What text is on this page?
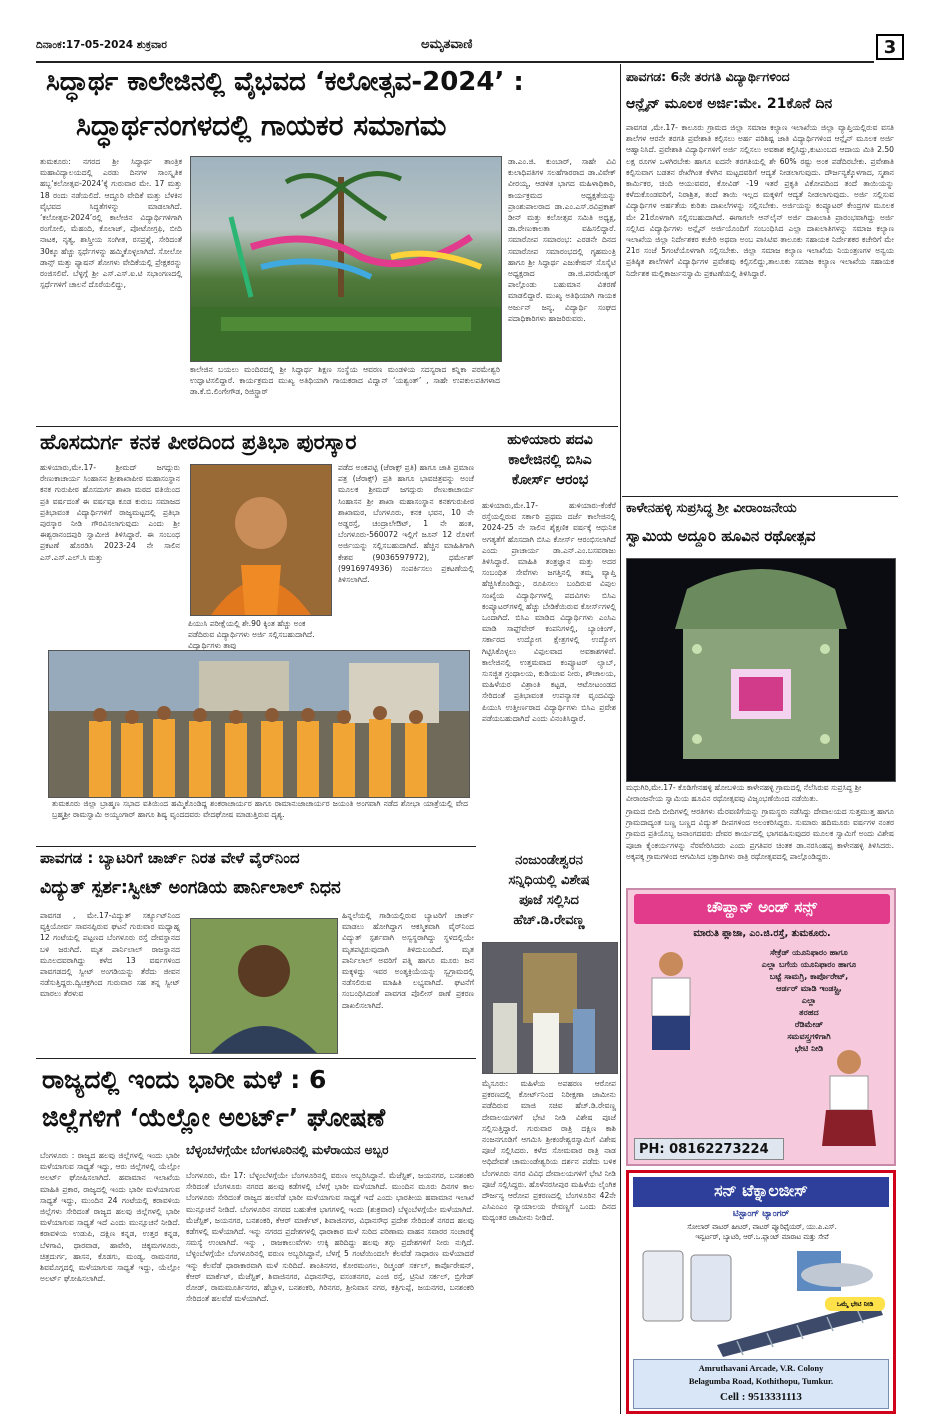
ದಿನಾಂಕ:17-05-2024 ಶುಕ್ರವಾರ	ಅಮೃತವಾಣಿ	3
ಸಿದ್ಧಾರ್ಥ ಕಾಲೇಜಿನಲ್ಲಿ ವೈಭವದ ‘ಕಲೋತ್ಸವ-2024’ :
ಸಿದ್ಧಾರ್ಥನಂಗಳದಲ್ಲಿ ಗಾಯಕರ ಸಮಾಗಮ
ತುಮಕೂರು: ನಗರದ ಶ್ರೀ ಸಿದ್ಧಾರ್ಥ ತಾಂತ್ರಿಕ ಮಹಾವಿದ್ಯಾಲಯದಲ್ಲಿ ಎರಡು ದಿನಗಳ ಸಾಂಸ್ಕೃತಿಕ ಹಬ್ಬ‘ಕಲೋತ್ಸವ-2024’ಕ್ಕೆ ಗುರುವಾರ ಮೇ. 17 ಮತ್ತು 18 ರಂದು ನಡೆಯಲಿದೆ. ಆದ್ದೂರಿ ವೇದಿಕೆ ಮತ್ತು ಬೆಳಕಿನ ವೈಭವದ ಸಿದ್ಧತೆಗಳನ್ನು ಮಾಡಲಾಗಿದೆ. ‘ಕಲೋತ್ಸವ-2024’ರಲ್ಲಿ ಕಾಲೇಜಿನ ವಿದ್ಯಾರ್ಥಿಗಳಿಗಾಗಿ ರಂಗೋಲಿ, ಮೆಹಂದಿ, ಕೊಲಾಜ್, ಪೋಟೋಗ್ರಫಿ, ಬೀದಿ ನಾಟಕ, ನೃತ್ಯ, ಶಾಸ್ತ್ರೀಯ ಸಂಗೀತ, ರಸಪ್ರಶ್ನೆ, ಸೇರಿದಂತೆ 30ಕ್ಕೂ ಹೆಚ್ಚು ಸ್ಪರ್ಧೆಗಳನ್ನು ಹಮ್ಮಿಕೊಳ್ಳಲಾಗಿದೆ. ಸೋಲೋ ಡಾನ್ಸ್ ಮತ್ತು ಫ್ಯಾಷನ್ ಶೋಗಳು ವೇದಿಕೆಯಲ್ಲಿ ಪ್ರೇಕ್ಷಕರನ್ನು ರಂಜಿಸಲಿವೆ. ಬೆಳ್ಳಗ್ಗೆ ಶ್ರೀ ಎಸ್.ಎಸ್.ಐ.ಟಿ ಸಭಾಂಗಣದಲ್ಲಿ ಸ್ಪರ್ಧೆಗಳಿಗೆ ಚಾಲನೆ ದೊರೆಯಲಿದ್ದು,
ಡಾ.ಎಂ.ಜಿ. ಕುಂಬಾರ್, ಸಾಹೇ ವಿವಿ ಕುಲಾಧಿಪತಿಗಳ ಸಲಹೆಗಾರರಾದ ಡಾ.ವಿವೇಕ್ ವೀರಯ್ಯ, ಆಡಳಿತ ಭಾಗದ ಮಹಿಳಾಧಿಕಾರಿ, ಕಾರ್ಯಕ್ರಮದ ಅಧ್ಯಕ್ಷತೆಯನ್ನು ಪ್ರಾಂಶುಪಾಲರಾದ ಡಾ.ಎಂ.ಎಸ್.ರವಿಪ್ರಕಾಶ್ ಡೀನ್ ಮತ್ತು ಕಲೋತ್ಸವ ಸಮಿತಿ ಅಧ್ಯಕ್ಷ, ಡಾ.ರೇಣುಕಾಲತಾ ವಹಿಸಲಿದ್ದಾರೆ. ಸಮಾರೋಪ ಸಮಾರಂಭ: ಎರಡನೇ ದಿನದ ಸಮಾರೋಪ ಸಮಾರಂಭದಲ್ಲಿ ಗೃಹಮಂತ್ರಿ ಹಾಗೂ ಶ್ರೀ ಸಿದ್ಧಾರ್ಥ ಎಜುಕೇಷನ್ ಸೊಸೈಟಿ ಅಧ್ಯಕ್ಷರಾದ ಡಾ.ಜಿ.ಪರಮೇಶ್ವರ್ ಪಾಲ್ಗೊಂಡು ಬಹುಮಾನ ವಿತರಣೆ ಮಾಡಲಿದ್ದಾರೆ. ಮುಖ್ಯ ಅತಿಥಿಯಾಗಿ ಗಾಯಕ ಅರ್ಜುನ್ ಜನ್ಯ, ವಿದ್ಯಾರ್ಥಿ ಸಂಘದ ಪದಾಧಿಕಾರಿಗಳು ಹಾಜರಿರುವರು.
ಕಾಲೇಜಿನ ಬಯಲು ಮಂದಿರದಲ್ಲಿ ಶ್ರೀ ಸಿದ್ಧಾರ್ಥ ಶಿಕ್ಷಣ ಸಂಸ್ಥೆಯ ಆವರಣ ಮಂಡಳಿಯ ಸದಸ್ಯರಾದ ಕನ್ನಿಕಾ ಪರಮೇಶ್ವರಿ ಉದ್ಘಾಟಿಸಲಿದ್ದಾರೆ. ಕಾರ್ಯಕ್ರಮದ ಮುಖ್ಯ ಅತಿಥಿಯಾಗಿ ಗಾಯಕರಾದ ವಿದ್ವಾನ್ ‘ಯಶ್ವಂತ್’ , ಸಾಹೇ ಉಪಕುಲಪತಿಗಳಾದ ಡಾ.ಕೆ.ಬಿ.ಲಿಂಗೇಗೌಡ, ರಿಜಿಸ್ಟ್ರಾರ್
ಹೊಸದುರ್ಗ ಕನಕ ಪೀಠದಿಂದ ಪ್ರತಿಭಾ ಪುರಸ್ಕಾರ
ಹುಳಿಯಾರು,ಮೇ.17- ಶ್ರೀಮದ್ ಜಗದ್ಗುರು ರೇಣುಕಾಚಾರ್ಯ ಸಿಂಹಾಸನ ಶ್ರೀಶಾಖಾಪೀಠ ಮಹಾಸಂಸ್ಥಾನ ಕನಕ ಗುರುಪೀಠ ಹೊಸದುರ್ಗ ಶಾಖಾ ಮಠದ ವತಿಯಿಂದ ಪ್ರತಿ ವರ್ಷದಂತೆ ಈ ವರ್ಷವೂ ಕೂಡ ಕುರುಬ ಸಮಾಜದ ಪ್ರತಿಭಾವಂತ ವಿದ್ಯಾರ್ಥಿಗಳಿಗೆ ರಾಜ್ಯಮಟ್ಟದಲ್ಲಿ ಪ್ರತಿಭಾ ಪುರಸ್ಕಾರ ನೀಡಿ ಗೌರವಿಸಲಾಗುವುದು ಎಂದು ಶ್ರೀ ಈಶ್ವರಾನಂದಪುರಿ ಸ್ವಾಮೀಜಿ ತಿಳಿಸಿದ್ದಾರೆ. ಈ ಸಂಬಂಧ ಪ್ರಕಟಣೆ ಹೊರಡಿಸಿ 2023-24 ನೇ ಸಾಲಿನ ಎಸ್.ಎಸ್.ಎಲ್.ಸಿ ಮತ್ತು
ಪಿಯುಸಿ ಪರೀಕ್ಷೆಯಲ್ಲಿ ಶೇ.90 ಕ್ಕಿಂತ ಹೆಚ್ಚು ಅಂಕ ಪಡೆದಿರುವ ವಿದ್ಯಾರ್ಥಿಗಳು ಅರ್ಜಿ ಸಲ್ಲಿಸಬಹುದಾಗಿದೆ. ವಿದ್ಯಾರ್ಥಿಗಳು ತಾವು
ಪಡೆದ ಅಂಕಪಟ್ಟಿ (ಜೆರಾಕ್ಸ್ ಪ್ರತಿ) ಹಾಗೂ ಜಾತಿ ಪ್ರಮಾಣ ಪತ್ರ (ಜೆರಾಕ್ಸ್) ಪ್ರತಿ ಹಾಗೂ ಭಾವಚಿತ್ರವನ್ನು ಅಂಚೆ ಮೂಲಕ ಶ್ರೀಮದ್ ಜಗದ್ಗುರು ರೇಣುಕಾಚಾರ್ಯ ಸಿಂಹಾಸನ ಶ್ರೀ ಶಾಖಾ ಮಹಾಸಂಸ್ಥಾನ ಕನಕಗುರುಪೀಠ ಶಾಖಾಮಠ, ಬೆಂಗಳೂರು, ಕನಕ ಭವನ, 10 ನೇ ಅಡ್ಡರಸ್ತೆ, ಚಂದ್ರಾಲೇಔಟ್, 1 ನೇ ಹಂತ, ಬೆಂಗಳೂರು-560072 ಇಲ್ಲಿಗೆ ಜೂನ್ 12 ರೊಳಗೆ ಅರ್ಜಿಯನ್ನು ಸಲ್ಲಿಸಬಹುದಾಗಿದೆ. ಹೆಚ್ಚಿನ ಮಾಹಿತಿಗಾಗಿ ಕೇಶವ (9036597972), ಧರ್ಮೇಶ್ (9916974936) ಸಂಪರ್ಕಿಸಲು ಪ್ರಕಟಣೆಯಲ್ಲಿ ತಿಳಿಸಲಾಗಿದೆ.
ಹುಳಿಯಾರು ಪದವಿ
ಕಾಲೇಜಿನಲ್ಲಿ ಬಿಸಿಎ
ಕೋರ್ಸ್ ಆರಂಭ
ಹುಳಿಯಾರು,ಮೇ.17- ಹುಳಿಯಾರು-ಕೆಂಕೆರೆ ರಸ್ತೆಯಲ್ಲಿರುವ ಸರ್ಕಾರಿ ಪ್ರಥಮ ದರ್ಜೆ ಕಾಲೇಜಿನಲ್ಲಿ 2024-25 ನೇ ಸಾಲಿನ ಶೈಕ್ಷಣಿಕ ವರ್ಷಕ್ಕೆ ಆಧುನಿಕ ಅಗತ್ಯತೆಗೆ ಹೊಸದಾಗಿ ಬಿಸಿಎ ಕೋರ್ಸ್ ಆರಂಭಿಸಲಾಗಿದೆ ಎಂದು ಪ್ರಾಚಾರ್ಯ ಡಾ.ಎನ್.ಎಂ.ಬಸವರಾಜು ತಿಳಿಸಿದ್ದಾರೆ. ಮಾಹಿತಿ ತಂತ್ರಜ್ಞಾನ ಮತ್ತು ಅದರ ಸಂಬಂಧಿತ ಸೇವೆಗಳು ಜಗತ್ತಿನಲ್ಲಿ ತಮ್ಮ ವ್ಯಾಪ್ತಿ ಹೆಚ್ಚಿಸಿಕೊಂಡಿದ್ದು, ರೂಪಿಸಲು ಬಂದಿರುವ ವಿಪುಲ ಸಂಖ್ಯೆಯ ವಿದ್ಯಾರ್ಥಿಗಳಲ್ಲಿ ಪದವಿಗಳು ಬಿಸಿಎ ಕಂಪ್ಯೂಟರ್‌ಗಳಲ್ಲಿ ಹೆಚ್ಚು ಬೇಡಿಕೆಯಿರುವ ಕೋರ್ಸ್‌ಗಳಲ್ಲಿ ಒಂದಾಗಿದೆ. ಬಿಸಿಎ ಮಾಡಿದ ವಿದ್ಯಾರ್ಥಿಗಳು ಎಂಸಿಎ ಮಾಡಿ ಸಾಫ್ಟ್‌ವೇರ್ ಕಂಪನಿಗಳಲ್ಲಿ, ಬ್ಯಾಂಕಿಂಗ್, ಸರ್ಕಾರದ ಉದ್ಯೋಗ ಕ್ಷೇತ್ರಗಳಲ್ಲಿ ಉದ್ಯೋಗ ಗಿಟ್ಟಿಸಿಕೊಳ್ಳಲು ವಿಫುಲವಾದ ಅವಕಾಶಗಳಿವೆ. ಕಾಲೇಜಿನಲ್ಲಿ ಉತ್ತಮವಾದ ಕಂಪ್ಯೂಟರ್ ಲ್ಯಾಬ್, ಸುಸಜ್ಜಿತ ಗ್ರಂಥಾಲಯ, ಕುಡಿಯುವ ನೀರು, ಶೌಚಾಲಯ, ಮಹಿಳೆಯರ ವಿಶ್ರಾಂತಿ ಕಟ್ಟಡ, ಆಟೋಟಂಂಡದ ಸೇರಿದಂತೆ ಪ್ರತಿಭಾವಂತ ಉಪನ್ಯಾಸಕ ವೃಂದವಿದ್ದು ಪಿಯುಸಿ ಉತ್ತೀರ್ಣರಾದ ವಿದ್ಯಾರ್ಥಿಗಳು ಬಿಸಿಎ ಪ್ರವೇಶ ಪಡೆಯಬಹುದಾಗಿದೆ ಎಂದು ವಿನಂತಿಸಿದ್ದಾರೆ.
ತುಮಕೂರು ಜಿಲ್ಲಾ ಬ್ರಾಹ್ಮಣ ಸಭಾದ ವತಿಯಿಂದ ಹಮ್ಮಿಕೊಂಡಿದ್ದ ಶಂಕರಾಚಾರ್ಯರ ಹಾಗೂ ರಾಮಾನುಜಾಚಾರ್ಯರ ಜಯಂತಿ ಅಂಗವಾಗಿ ನಡೆದ ಶೋಭಾ ಯಾತ್ರೆಯಲ್ಲಿ ವೇದ ಬ್ರಹ್ಮಶ್ರೀ ರಾಮಸ್ವಾಮಿ ಅಯ್ಯಂಗಾರ್ ಹಾಗೂ ಶಿಷ್ಯ ವೃಂದದವರು ವೇದಘೋಷ ಮಾಡುತ್ತಿರುವ ದೃಶ್ಯ.
ಪಾವಗಡ : ಬ್ಯಾಟರಿಗೆ ಚಾರ್ಜ್ ನಿರತ ವೇಳೆ ವೈರ್‌ನಿಂದ
ವಿದ್ಯುತ್ ಸ್ಪರ್ಶ:ಸ್ವೀಟ್ ಅಂಗಡಿಯ ಪಾರ್ನಿಲಾಲ್ ನಿಧನ
ಪಾವಗಡ , ಮೇ.17-ವಿದ್ಯುತ್ ಸರ್ಕ್ಯೂಟ್‌ನಿಂದ ವ್ಯಕ್ತಿಯೋರ್ವ ಸಾವನಪ್ಪಿರುವ ಘಟನೆ ಗುರುವಾರ ಮಧ್ಯಾಹ್ನ 12 ಗಂಟೆಯಲ್ಲಿ ಪಟ್ಟಣದ ಬೆಂಗಳೂರು ರಸ್ತೆ ದೇವಸ್ಥಾನದ ಬಳಿ ಜರುಗಿದೆ. ಮೃತ ಪಾರ್ನಿಲಾಲ್ ರಾಜಸ್ಥಾನದ ಮೂಲದವರಾಗಿದ್ದು ಕಳೆದ 13 ವರ್ಷಗಳಿಂದ ಪಾವಗಡದಲ್ಲಿ ಸ್ವೀಟ್ ಅಂಗಡಿಯನ್ನು ತೆರೆದು ಜೀವನ ನಡೆಸುತ್ತಿದ್ದರು.ದ್ವಿಚಕ್ರಗಿಂದ ಗುರುವಾರ ಸಹ ತನ್ನ ಸ್ವೀಟ್ ಮಾರಲು ತೆರಳುವ
ಹಿನ್ನಲೆಯಲ್ಲಿ ಗಾಡಿಯಲ್ಲಿರುವ ಬ್ಯಾಟರಿಗೆ ಚಾರ್ಜ್ ಮಾಡಲು ಹೋಗಿದ್ದಾಗ ಆಕಸ್ಮಿಕವಾಗಿ ವೈರ್‌ನಿಂದ ವಿದ್ಯುತ್ ಸ್ಪರ್ಶವಾಗಿ ಅಸ್ವಸ್ಥರಾಗಿದ್ದು ಸ್ಥಳದಲ್ಲಿಯೇ ಮೃತಪಟ್ಟಿರುವುದಾಗಿ ತಿಳಿದುಬಂದಿದೆ. ಮೃತ ಪಾರ್ನಿಲಾಲ್ ಅವರಿಗೆ ಪತ್ನಿ ಹಾಗೂ ಮೂರು ಜನ ಮಕ್ಕಳಿದ್ದು ಇವರ ಅಂತ್ಯಕ್ರಿಯೆಯನ್ನು ಸ್ವಗ್ರಾಮದಲ್ಲಿ ನಡೆಸಲಿರುವ ಮಾಹಿತಿ ಲಭ್ಯವಾಗಿದೆ. ಘಟನೆಗೆ ಸಂಬಂಧಿಸಿದಂತೆ ಪಾವಗಡ ಪೊಲೀಸ್ ಠಾಣೆ ಪ್ರಕರಣ ದಾಖಲಿಸಲಾಗಿದೆ.
ನಂಜುಂಡೇಶ್ವರನ
ಸನ್ನಿಧಿಯಲ್ಲಿ ವಿಶೇಷ
ಪೂಜೆ ಸಲ್ಲಿಸಿದ
ಹೆಚ್.ಡಿ.ರೇವಣ್ಣ
ಮೈಸೂರು: ಮಹಿಳೆಯ ಅಪಹರಣ ಆರೋಪ ಪ್ರಕರಣದಲ್ಲಿ ಕೋರ್ಟ್‌ನಿಂದ ನಿರೀಕ್ಷಣಾ ಜಾಮೀನು ಪಡೆದಿರುವ ಮಾಜಿ ಸಚಿವ ಹೆಚ್.ಡಿ.ರೇವಣ್ಣ ದೇವಾಲಯಗಳಿಗೆ ಭೇಟಿ ನೀಡಿ ವಿಶೇಷ ಪೂಜೆ ಸಲ್ಲಿಸುತ್ತಿದ್ದಾರೆ. ಗುರುವಾರ ರಾತ್ರಿ ದಕ್ಷಿಣ ಕಾಶಿ ನಂಜನಗೂಡಿಗೆ ಆಗಮಿಸಿ ಶ್ರೀಕಂಠೇಶ್ವರಸ್ವಾಮಿಗೆ ವಿಶೇಷ ಪೂಜೆ ಸಲ್ಲಿಸಿದರು. ಕಳೆದ ಸೋಮವಾರ ರಾತ್ರಿ ನಾಡ ಅಧಿದೇವತೆ ಚಾಮುಂಡೇಶ್ವರಿಯ ದರ್ಶನ ಪಡೆದು ಬಳಿಕ ಬೆಂಗಳೂರು ನಗರ ವಿವಿಧ ದೇವಾಲಯಗಳಿಗೆ ಭೇಟಿ ನೀಡಿ ಪೂಜೆ ಸಲ್ಲಿಸಿದ್ದರು. ಹೊಳೆನರಸೀಪುರ ಮಹಿಳೆಯ ಲೈಂಗಿಕ ದೌರ್ಜನ್ಯ ಆರೋಪ ಪ್ರಕರಣದಲ್ಲಿ ಬೆಂಗಳೂರಿನ 42ನೇ ಎಸಿಎಂಎಂ ನ್ಯಾಯಾಲಯ ರೇವಣ್ಣಗೆ ಒಂದು ದಿನದ ಮಧ್ಯಂತರ ಜಾಮೀನು ನೀಡಿದೆ.
ರಾಜ್ಯದಲ್ಲಿ ಇಂದು ಭಾರೀ ಮಳೆ : 6
ಜಿಲ್ಲೆಗಳಿಗೆ ‘ಯೆಲ್ಲೋ ಅಲರ್ಟ್’ ಘೋಷಣೆ
ಬೆಂಗಳೂರು : ರಾಜ್ಯದ ಹಲವು ಜಿಲ್ಲೆಗಳಲ್ಲಿ ಇಂದು ಭಾರೀ ಮಳೆಯಾಗುವ ಸಾಧ್ಯತೆ ಇದ್ದು, ಆರು ಜಿಲ್ಲೆಗಳಲ್ಲಿ ಯೆಲ್ಲೋ ಅಲರ್ಟ್ ಘೋಷಿಸಲಾಗಿದೆ. ಹವಾಮಾನ ಇಲಾಖೆಯ ಮಾಹಿತಿ ಪ್ರಕಾರ, ರಾಜ್ಯದಲ್ಲಿ ಇಂದು ಭಾರೀ ಮಳೆಯಾಗುವ ಸಾಧ್ಯತೆ ಇದ್ದು, ಮುಂದಿನ 24 ಗಂಟೆಯಲ್ಲಿ ಕರಾವಳಿಯ ಜಿಲ್ಲೆಗಳು ಸೇರಿದಂತೆ ರಾಜ್ಯದ ಹಲವು ಜಿಲ್ಲೆಗಳಲ್ಲಿ ಭಾರೀ ಮಳೆಯಾಗುವ ಸಾಧ್ಯತೆ ಇದೆ ಎಂದು ಮುನ್ಸೂಚನೆ ನೀಡಿದೆ. ಕರಾವಳಿಯ ಉಡುಪಿ, ದಕ್ಷಿಣ ಕನ್ನಡ, ಉತ್ತರ ಕನ್ನಡ, ಬೆಳಗಾವಿ, ಧಾರವಾಡ, ಹಾವೇರಿ, ಚಿಕ್ಕಮಗಳೂರು, ಚಿತ್ರದುರ್ಗ, ಹಾಸನ, ಕೊಡಗು, ಮಂಡ್ಯ, ರಾಮನಗರ, ಶಿವಮೊಗ್ಗದಲ್ಲಿ ಮಳೆಯಾಗುವ ಸಾಧ್ಯತೆ ಇದ್ದು, ಯೆಲ್ಲೋ ಅಲರ್ಟ್ ಘೋಷಿಸಲಾಗಿದೆ.
ಬೆಳ್ಳಂಬೆಳಗ್ಗೆಯೇ ಬೆಂಗಳೂರಿನಲ್ಲಿ ಮಳೆರಾಯನ ಅಬ್ಬರ
ಬೆಂಗಳೂರು, ಮೇ 17: ಬೆಳ್ಳಂಬೆಳಗ್ಗೆಯೇ ಬೆಂಗಳೂರಿನಲ್ಲಿ ವರುಣ ಅಬ್ಬರಿಸಿದ್ದಾನೆ. ಮೆಜೆಸ್ಟಿಕ್, ಜಯನಗರ, ಬನಶಂಕರಿ ಸೇರಿದಂತೆ ಬೆಂಗಳೂರು ನಗರದ ಹಲವು ಕಡೆಗಳಲ್ಲಿ ಬೆಳಗ್ಗೆ ಭಾರೀ ಮಳೆಯಾಗಿದೆ. ಮುಂದಿನ ಮೂರು ದಿನಗಳ ಕಾಲ ಬೆಂಗಳೂರು ಸೇರಿದಂತೆ ರಾಜ್ಯದ ಹಲವೆಡೆ ಭಾರೀ ಮಳೆಯಾಗುವ ಸಾಧ್ಯತೆ ಇದೆ ಎಂದು ಭಾರತೀಯ ಹವಾಮಾನ ಇಲಾಖೆ ಮುನ್ಸೂಚನೆ ನೀಡಿದೆ. ಬೆಂಗಳೂರಿನ ನಗರದ ಬಹುತೇಕ ಭಾಗಗಳಲ್ಲಿ ಇಂದು (ಶುಕ್ರವಾರ) ಬೆಳ್ಳಂಬೆಳಗ್ಗೆಯೇ ಮಳೆಯಾಗಿದೆ. ಮೆಜೆಸ್ಟಿಕ್, ಜಯನಗರ, ಬನಶಂಕರಿ, ಕೆಆರ್ ಮಾರ್ಕೆಟ್, ಶಿವಾಜಿನಗರ, ವಿಧಾನಸೌಧ ಪ್ರದೇಶ ಸೇರಿದಂತೆ ನಗರದ ಹಲವು ಕಡೆಗಳಲ್ಲಿ ಮಳೆಯಾಗಿದೆ. ಇನ್ನು ನಗರದ ಪ್ರದೇಶಗಳಲ್ಲಿ ಧಾರಾಕಾರ ಮಳೆ ಸುರಿದ ಪರಿಣಾಮ ವಾಹನ ಸವಾರರ ಸಂಚಾರಕ್ಕೆ ಸಮಸ್ಯೆ ಉಂಟಾಗಿದೆ. ಇನ್ನು , ರಾಜಕಾಲುವೆಗಳು ಉಕ್ಕಿ ಹರಿದಿದ್ದು ಹಲವು ತಗ್ಗು ಪ್ರದೇಶಗಳಿಗೆ ನೀರು ನುಗ್ಗಿದೆ. ಬೆಳ್ಳಂಬೆಳಗ್ಗೆಯೇ ಬೆಂಗಳೂರಿನಲ್ಲಿ ವರುಣ ಅಬ್ಬರಿಸಿದ್ದಾನೆ, ಬೆಳಗ್ಗೆ 5 ಗಂಟೆಯಿಂದಲೇ ಕೆಲವೆಡೆ ಸಾಧಾರಣ ಮಳೆಯಾದರೆ ಇನ್ನು ಕೆಲವೆಡೆ ಧಾರಾಕಾರವಾಗಿ ಮಳೆ ಸುರಿದಿದೆ. ಶಾಂತಿನಗರ, ಕೋರಮಂಗಲ, ರಿಚ್ಮಂಡ್ ಸರ್ಕಲ್, ಕಾರ್ಪೊರೇಷನ್, ಕೆಆರ್ ಮಾರ್ಕೆಟ್, ಮೆಜೆಸ್ಟಿಕ್, ಶಿವಾಜಿನಗರ, ವಿಧಾನಸೌಧ, ವಸಂತನಗರ, ಎಂಜಿ ರಸ್ತೆ, ಟ್ರಿನಿಟಿ ಸರ್ಕಲ್, ಬ್ರಿಗೇಡ್ ರೋಡ್, ರಾಮಮೂರ್ತಿನಗರ, ಹೆಬ್ಬಾಳ, ಬನಶಂಕರಿ, ಗಿರಿನಗರ, ಶ್ರೀನಿವಾಸ ನಗರ, ಕತ್ರಿಗುಪ್ಪೆ, ಜಯನಗರ, ಬನಶಂಕರಿ ಸೇರಿದಂತೆ ಹಲವೆಡೆ ಮಳೆಯಾಗಿದೆ.
ಪಾವಗಡ: 6ನೇ ತರಗತಿ ವಿದ್ಯಾರ್ಥಿಗಳಿಂದ
ಆನ್ಲೈನ್ ಮೂಲಕ ಅರ್ಜಿ:ಮೇ. 21ಕೊನೆ ದಿನ
ಪಾವಗಡ ,ಮೇ.17- ಕಾಲೂರು ಗ್ರಾಮದ ಜಿಲ್ಲಾ ಸಮಾಜ ಕಲ್ಯಾಣ ಇಲಾಖೆಯ ಜಿಲ್ಲಾ ವ್ಯಾಪ್ತಿಯಲ್ಲಿರುವ ವಸತಿ ಶಾಲೆಗಳ ಆರನೇ ತರಗತಿ ಪ್ರವೇಶಾತಿ ಕಲ್ಪಿಸಲು ಅರ್ಹ ಪರಿಶಿಷ್ಟ ಜಾತಿ ವಿದ್ಯಾರ್ಥಿಗಳಿಂದ ಆನ್ಲೈನ್ ಮೂಲಕ ಅರ್ಜಿ ಆಹ್ವಾನಿಸಿದೆ. ಪ್ರವೇಶಾತಿ ವಿದ್ಯಾರ್ಥಿಗಳಿಗೆ ಅರ್ಜಿ ಸಲ್ಲಿಸಲು ಅವಕಾಶ ಕಲ್ಪಿಸಿದ್ದು,ಕುಟುಂಬದ ಆದಾಯ ಮಿತಿ 2.50 ಲಕ್ಷ ರೂಗಳ ಒಳಗಿರಬೇಕು ಹಾಗೂ ಐದನೇ ತರಗತಿಯಲ್ಲಿ ಶೇ 60% ರಷ್ಟು ಅಂಕ ಪಡೆದಿರಬೇಕು. ಪ್ರವೇಶಾತಿ ಕಲ್ಪಿಸುವಾಗ ಬಡತನ ರೇಖೆಗಿಂತ ಕೆಳಗಿನ ಮಟ್ಟದವರಿಗೆ ಆದ್ಯತೆ ನೀಡಲಾಗುವುದು. ದೌರ್ಜನ್ಯಕ್ಕೊಳಗಾದ, ಸ್ಮಶಾನ ಕಾರ್ಮಿಕರ, ಚಿಂದಿ ಆಯುವವರ, ಕೋವಿಡ್ -19 ಇತರೆ ಪ್ರಕೃತಿ ವಿಕೋಪದಿಂದ ತಂದೆ ತಾಯಿಯನ್ನು ಕಳೆದುಕೊಂಡವರಿಗೆ, ನಿರಾಶ್ರಿತ, ತಂದೆ ತಾಯಿ ಇಲ್ಲದ ಮಕ್ಕಳಿಗೆ ಆದ್ಯತೆ ನೀಡಲಾಗುವುದು. ಅರ್ಜಿ ಸಲ್ಲಿಸುವ ವಿದ್ಯಾರ್ಥಿಗಳ ಅರ್ಹತೆಯ ಕುರಿತು ದಾಖಲೆಗಳನ್ನು ಸಲ್ಲಿಸಬೇಕು. ಅರ್ಜಿಯನ್ನು ಕಂಪ್ಯೂಟರ್ ಕೇಂದ್ರಗಳ ಮೂಲಕ ಮೇ 21ರೊಳಗಾಗಿ ಸಲ್ಲಿಸಬಹುದಾಗಿದೆ. ಈಗಾಗಲೇ ಆನ್‌ಲೈನ್ ಅರ್ಜಿ ದಾಖಲಾತಿ ಪ್ರಾರಂಭವಾಗಿದ್ದು ಅರ್ಜಿ ಸಲ್ಲಿಸಿದ ವಿದ್ಯಾರ್ಥಿಗಳು ಅನ್ಲೈನ್ ಅರ್ಜಿಯೊಂದಿಗೆ ಸಂಬಂಧಿಸಿದ ಎಲ್ಲಾ ದಾಖಲಾತಿಗಳನ್ನು ಸಮಾಜ ಕಲ್ಯಾಣ ಇಲಾಖೆಯ ಜಿಲ್ಲಾ ನಿರ್ದೇಶಕರ ಕಚೇರಿ ಅಥವಾ ಅಂಬ ಪಾಸಿಟಿವ ತಾಲೂಕು ಸಹಾಯಕ ನಿರ್ದೇಶಕರ ಕಚೇರಿಗೆ ಮೇ 21ರ ಸಂಜೆ 5ಗಂಟೆಯೊಳಗಾಗಿ ಸಲ್ಲಿಸಬೇಕು. ಜಿಲ್ಲಾ ಸಮಾಜ ಕಲ್ಯಾಣ ಇಲಾಖೆಯ ನಿಯಂತ್ರಣಗಳ ಅನ್ವಯ ಪ್ರತಿಷ್ಠಿತ ಶಾಲೆಗಳಿಗೆ ವಿದ್ಯಾರ್ಥಿಗಳ ಪ್ರವೇಶವು ಕಲ್ಪಿಸಲಿದ್ದು,ತಾಲೂಕು ಸಮಾಜ ಕಲ್ಯಾಣ ಇಲಾಖೆಯ ಸಹಾಯಕ ನಿರ್ದೇಶಕ ಮಲ್ಲಿಕಾರ್ಜುನಸ್ವಾಮಿ ಪ್ರಕಟಣೆಯಲ್ಲಿ ತಿಳಿಸಿದ್ದಾರೆ.
ಕಾಳೇನಹಳ್ಳಿ ಸುಪ್ರಸಿದ್ಧ ಶ್ರೀ ವೀರಾಂಜನೇಯ
ಸ್ವಾಮಿಯ ಅದ್ದೂರಿ ಹೂವಿನ ರಥೋತ್ಸವ
ಮಧುಗಿರಿ,ಮೇ.17- ಕೊಡಿಗೇನಹಳ್ಳಿ ಹೋಬಳಿಯ ಕಾಳೇನಹಳ್ಳಿ ಗ್ರಾಮದಲ್ಲಿ ನೆಲೆಸಿರುವ ಸುಪ್ರಸಿದ್ಧ ಶ್ರೀ ವೀರಾಂಜನೇಯ ಸ್ವಾಮಿಯ ಹೂವಿನ ರಥೋತ್ಸವವು ವಿಜೃಂಭಣೆಯಿಂದ ನಡೆಯಿತು.
ಗ್ರಾಮದ ಬೀದಿ ಬೀದಿಗಳಲ್ಲಿ ಆರತಿಗಳು ಮೆರವಣಿಗೆಯನ್ನು ಗ್ರಾಮಸ್ಥರು ನಡೆಸಿದ್ದು ದೇವಾಲಯದ ಸುತ್ತಮುತ್ತ ಹಾಗೂ ಗ್ರಾಮದಾದ್ಯಂತ ಬಣ್ಣ ಬಣ್ಣದ ವಿದ್ಯುತ್ ದೀಪಗಳಿಂದ ಅಲಂಕರಿಸಿದ್ದರು. ಸುಮಾರು ಹದಿಮೂರು ವರ್ಷಗಳ ನಂತರ ಗ್ರಾಮದ ಪ್ರತಿಯೊಬ್ಬ ಜನಾಂಗದವರು ದೇವರ ಕಾರ್ಯದಲ್ಲಿ ಭಾಗವಹಿಸುವುದರ ಮೂಲಕ ಸ್ವಾಮಿಗೆ ಅಂದು ವಿಶೇಷ ಪೂಜಾ ಕೈಂಕರ್ಯಗಳನ್ನು ನೆರವೇರಿಸಿದರು ಎಂದು ಪ್ರಗತಿಪರ ಚಿಂತಕ ಡಾ.ನರಸಿಂಹಪ್ಪ ಕಾಳೇನಹಳ್ಳಿ ತಿಳಿಸಿದರು. ಅಕ್ಕಪಕ್ಕ ಗ್ರಾಮಗಳಿಂದ ಆಗಮಿಸಿದ ಭಕ್ತಾದಿಗಳು ರಾತ್ರಿ ರಥೋತ್ಸವದಲ್ಲಿ ಪಾಲ್ಗೊಂಡಿದ್ದರು.
ಚೌಪ್ಹಾನ್ ಅಂಡ್ ಸನ್ಸ್
ಮಾರುತಿ ಪ್ಲಾಜಾ, ಎಂ.ಜಿ.ರಸ್ತೆ, ತುಮಕೂರು.
ಸೇಕ್ರೆಡ್ ಯೂನಿಫಾರಂ ಹಾಗೂ
ಎಲ್ಲಾ ಬಗೆಯ ಯೂನಿಫಾರಂ ಹಾಗೂ
ಬಟ್ಟೆ ಸಾಮಗ್ರಿ, ಕಾರ್ಪೊರೇಟ್,
ಆರ್ಡರ್ ಮಾಡಿ ಇಂಡಸ್ಟ್ರಿ,
ಎಲ್ಲಾ
ತರಹದ
ರೆಡಿಮೇಡ್
ಸಮವಸ್ತ್ರಗಳಿಗಾಗಿ
ಭೇಟಿ ನೀಡಿ
PH: 08162273224
ಸನ್ ಟೆಕ್ನಾಲಜೀಸ್
ಟಿಸ್ಟಾಂಗ್ ಟ್ಯಾಂಗರ್
ಸೋಲಾರ್ ವಾಟರ್ ಹೀಟರ್, ವಾಟರ್ ಪ್ಯೂರಿಫೈಯರ್, ಯು.ಪಿ.ಎಸ್.
ಇನ್ವರ್ಟರ್, ಬ್ಯಾಟರಿ, ಆರ್.ಒ.ಪ್ಲಾಂಟ್ ಮಾರಾಟ ಮತ್ತು ಸೇವೆ
ಒಮ್ಮೆ ಭೇಟಿ ನೀಡಿ
Amruthavani Arcade, V.R. Colony
Belagumba Road, Kothithopu, Tumkur.
Cell : 9513331113
